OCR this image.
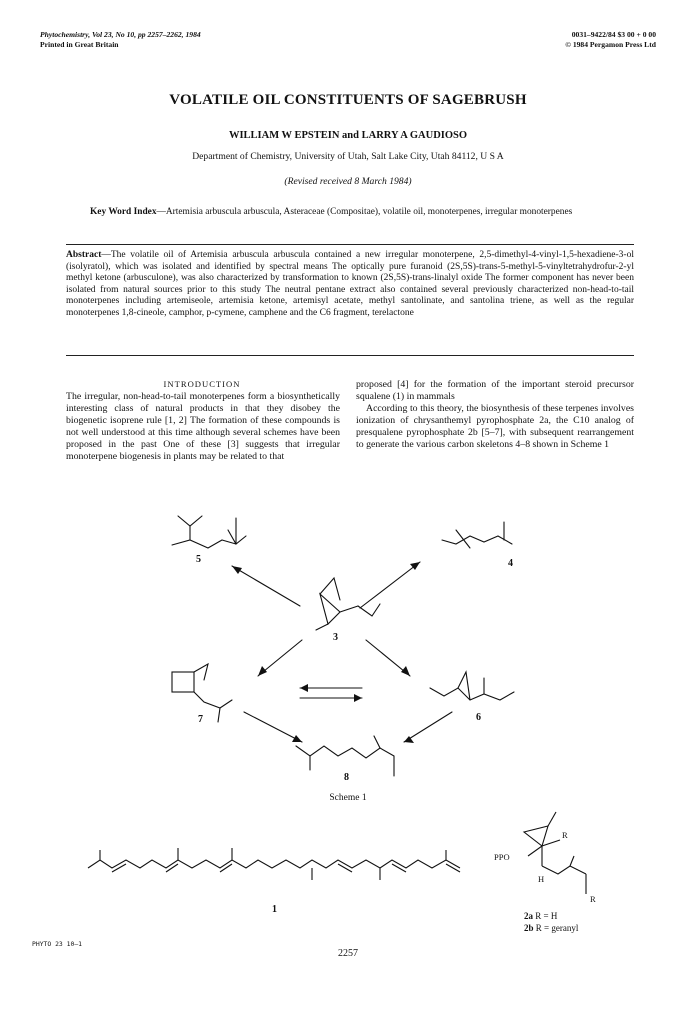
Phytochemistry, Vol 23, No 10, pp 2257–2262, 1984
Printed in Great Britain
0031–9422/84 $3 00 + 0 00
© 1984 Pergamon Press Ltd
VOLATILE OIL CONSTITUENTS OF SAGEBRUSH
WILLIAM W EPSTEIN and LARRY A GAUDIOSO
Department of Chemistry, University of Utah, Salt Lake City, Utah 84112, U S A
(Revised received 8 March 1984)
Key Word Index—Artemisia arbuscula arbuscula, Asteraceae (Compositae), volatile oil, monoterpenes, irregular monoterpenes
Abstract—The volatile oil of Artemisia arbuscula arbuscula contained a new irregular monoterpene, 2,5-dimethyl-4-vinyl-1,5-hexadiene-3-ol (isolyratol), which was isolated and identified by spectral means The optically pure furanoid (2S,5S)-trans-5-methyl-5-vinyltetrahydrofur-2-yl methyl ketone (arbusculone), was also characterized by transformation to known (2S,5S)-trans-linalyl oxide The former component has never been isolated from natural sources prior to this study The neutral pentane extract also contained several previously characterized non-head-to-tail monoterpenes including artemiseole, artemisia ketone, artemisyl acetate, methyl santolinate, and santolina triene, as well as the regular monoterpenes 1,8-cineole, camphor, p-cymene, camphene and the C6 fragment, terelactone
INTRODUCTION
The irregular, non-head-to-tail monoterpenes form a biosynthetically interesting class of natural products in that they disobey the biogenetic isoprene rule [1, 2] The formation of these compounds is not well understood at this time although several schemes have been proposed in the past One of these [3] suggests that irregular monoterpene biogenesis in plants may be related to that
proposed [4] for the formation of the important steroid precursor squalene (1) in mammals
According to this theory, the biosynthesis of these terpenes involves ionization of chrysanthemyl pyrophosphate 2a, the C10 analog of presqualene pyrophosphate 2b [5–7], with subsequent rearrangement to generate the various carbon skeletons 4–8 shown in Scheme 1
5	4
3
7	6
8
1
PPO
R
R
H
Scheme 1
2a R = H
2b R = geranyl
PHYTO 23 10–1
2257
